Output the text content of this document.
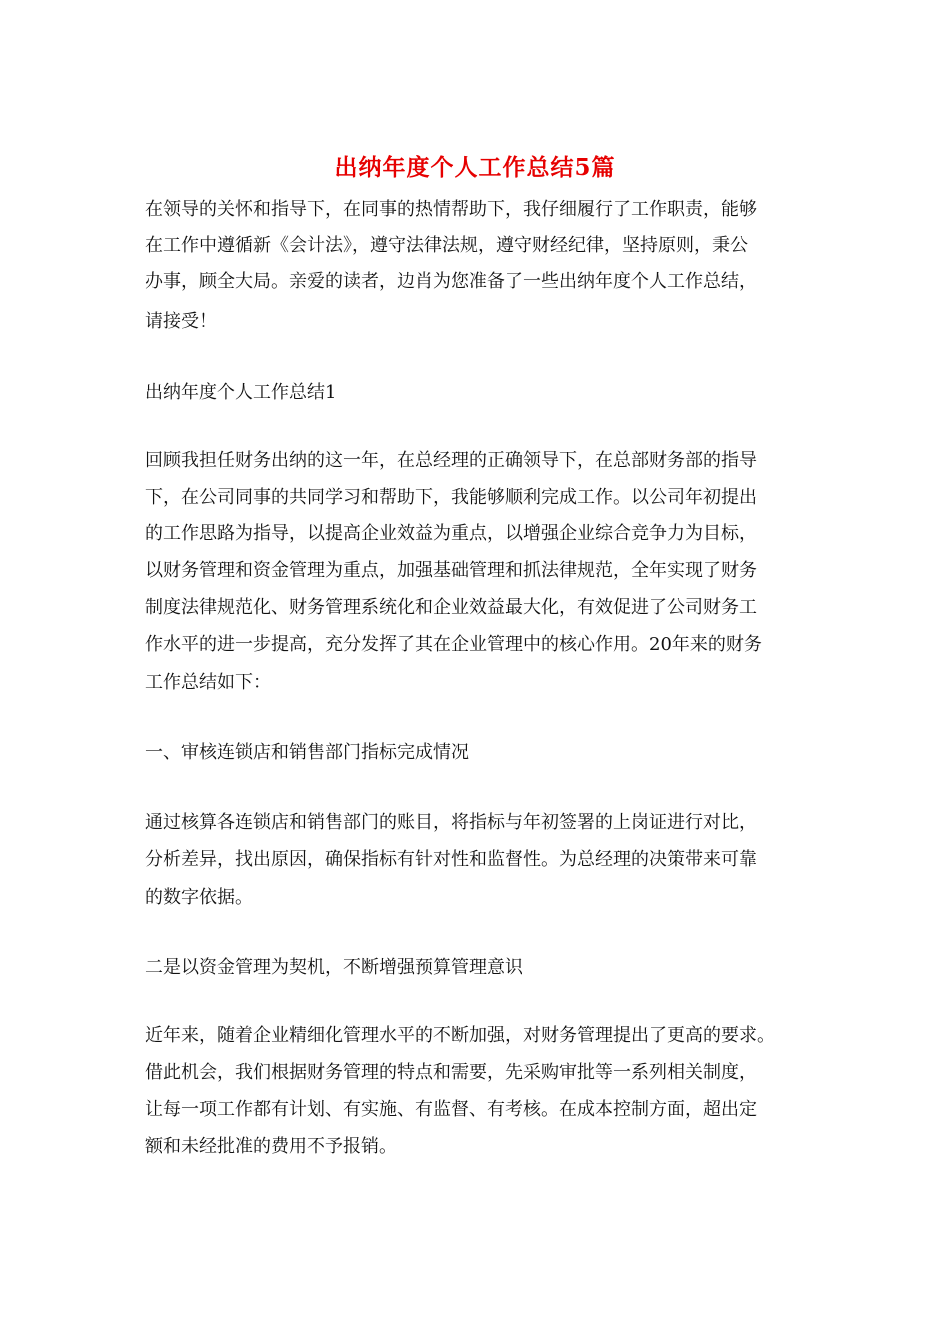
出纳年度个人工作总结5篇
在领导的关怀和指导下，在同事的热情帮助下，我仔细履行了工作职责，能够
在工作中遵循新《会计法》，遵守法律法规，遵守财经纪律，坚持原则，秉公
办事，顾全大局。亲爱的读者，边肖为您准备了一些出纳年度个人工作总结，
请接受！
出纳年度个人工作总结1
回顾我担任财务出纳的这一年，在总经理的正确领导下，在总部财务部的指导
下，在公司同事的共同学习和帮助下，我能够顺利完成工作。以公司年初提出
的工作思路为指导，以提高企业效益为重点，以增强企业综合竞争力为目标，
以财务管理和资金管理为重点，加强基础管理和抓法律规范，全年实现了财务
制度法律规范化、财务管理系统化和企业效益最大化，有效促进了公司财务工
作水平的进一步提高，充分发挥了其在企业管理中的核心作用。20年来的财务
工作总结如下：
一、审核连锁店和销售部门指标完成情况
通过核算各连锁店和销售部门的账目，将指标与年初签署的上岗证进行对比，
分析差异，找出原因，确保指标有针对性和监督性。为总经理的决策带来可靠
的数字依据。
二是以资金管理为契机，不断增强预算管理意识
近年来，随着企业精细化管理水平的不断加强，对财务管理提出了更高的要求。
借此机会，我们根据财务管理的特点和需要，先采购审批等一系列相关制度，
让每一项工作都有计划、有实施、有监督、有考核。在成本控制方面，超出定
额和未经批准的费用不予报销。
